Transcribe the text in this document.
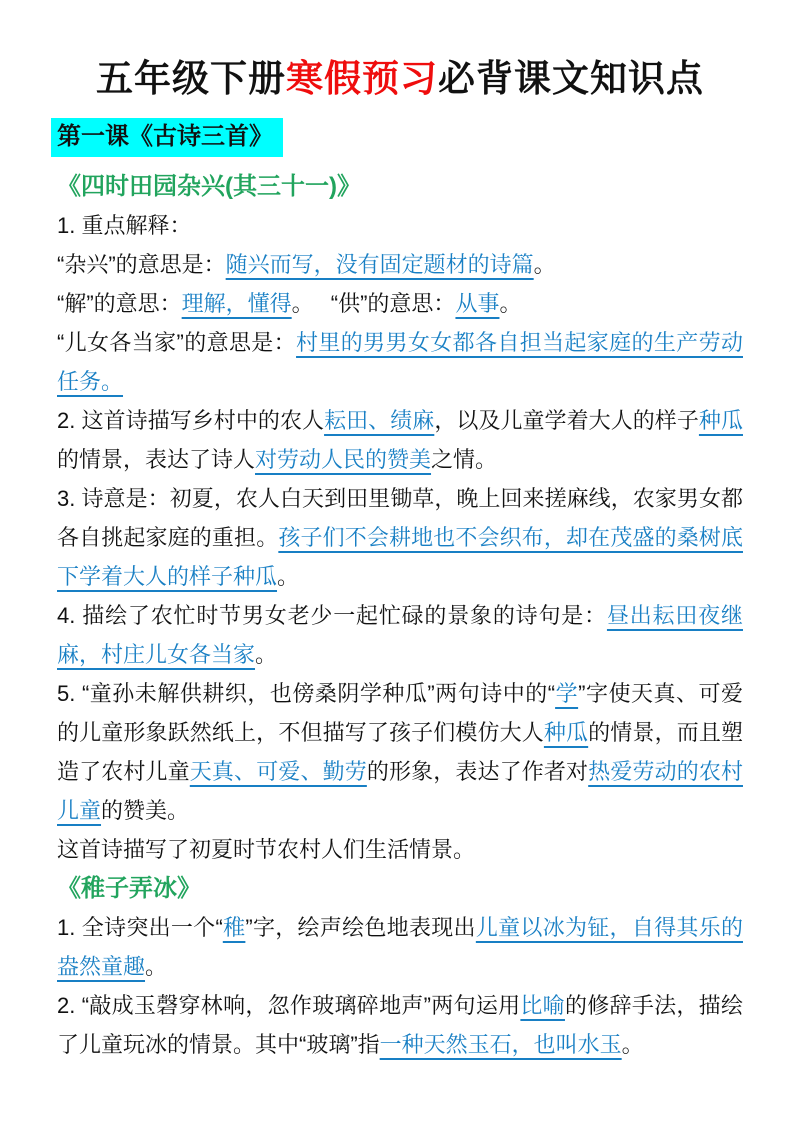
五年级下册寒假预习必背课文知识点
第一课《古诗三首》

《四时田园杂兴(其三十一)》

1. 重点解释：

“杂兴”的意思是：随兴而写，没有固定题材的诗篇。

“解”的意思：理解，懂得。　 “供”的意思：从事。

“儿女各当家”的意思是：村里的男男女女都各自担当起家庭的生产劳动任务。

2. 这首诗描写乡村中的农人耘田、绩麻，以及儿童学着大人的样子种瓜的情景，表达了诗人对劳动人民的赞美之情。

3. 诗意是：初夏，农人白天到田里锄草，晚上回来搓麻线，农家男女都各自挑起家庭的重担。孩子们不会耕地也不会织布，却在茂盛的桑树底下学着大人的样子种瓜。

4. 描绘了农忙时节男女老少一起忙碌的景象的诗句是：昼出耘田夜继麻，村庄儿女各当家。

5. “童孙未解供耕织，也傍桑阴学种瓜”两句诗中的“学”字使天真、可爱的儿童形象跃然纸上，不但描写了孩子们模仿大人种瓜的情景，而且塑造了农村儿童天真、可爱、勤劳的形象，表达了作者对热爱劳动的农村儿童的赞美。

这首诗描写了初夏时节农村人们生活情景。

《稚子弄冰》

1. 全诗突出一个“稚”字，绘声绘色地表现出儿童以冰为钲，自得其乐的盎然童趣。

2. “敲成玉磬穿林响，忽作玻璃碎地声”两句运用比喻的修辞手法，描绘了儿童玩冰的情景。其中“玻璃”指一种天然玉石，也叫水玉。
